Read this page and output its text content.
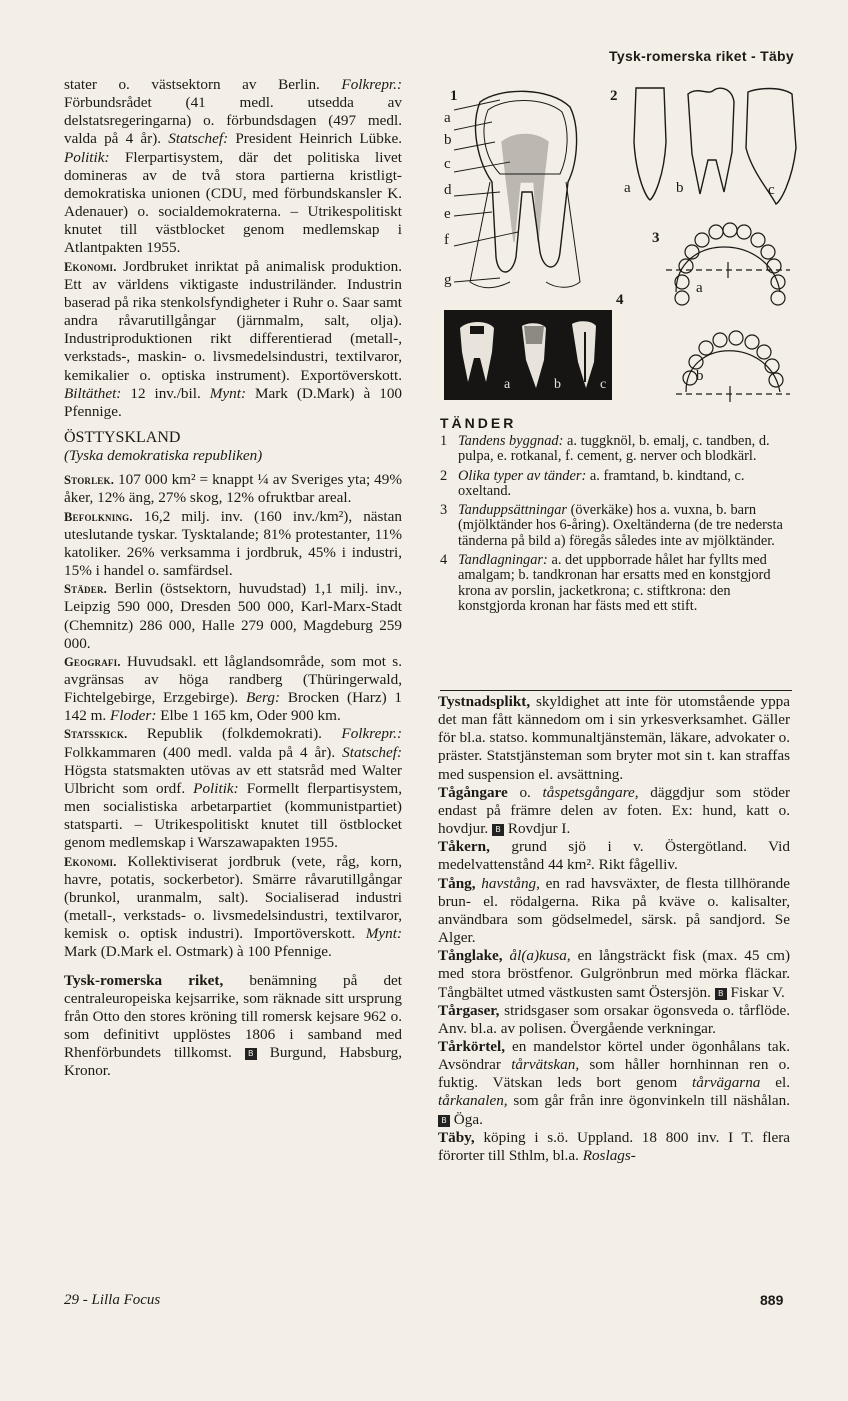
Tysk-romerska riket - Täby

stater o. västsektorn av Berlin. Folkrepr.: Förbundsrådet (41 medl. utsedda av delstatsregeringarna) o. förbundsdagen (497 medl. valda på 4 år). Statschef: President Heinrich Lübke. Politik: Flerpartisystem, där det politiska livet domineras av de två stora partierna kristligt-demokratiska unionen (CDU, med förbundskansler K. Adenauer) o. socialdemokraterna. – Utrikespolitiskt knutet till västblocket genom medlemskap i Atlantpakten 1955.

Ekonomi. Jordbruket inriktat på animalisk produktion. Ett av världens viktigaste industriländer. Industrin baserad på rika stenkolsfyndigheter i Ruhr o. Saar samt andra råvarutillgångar (järnmalm, salt, olja). Industriproduktionen rikt differentierad (metall-, verkstads-, maskin- o. livsmedelsindustri, textilvaror, kemikalier o. optiska instrument). Exportöverskott. Biltäthet: 12 inv./bil. Mynt: Mark (D.Mark) à 100 Pfennige.

ÖSTTYSKLAND

(Tyska demokratiska republiken)

Storlek. 107 000 km² = knappt ¼ av Sveriges yta; 49% åker, 12% äng, 27% skog, 12% ofruktbar areal.

Befolkning. 16,2 milj. inv. (160 inv./km²), nästan uteslutande tyskar. Tysktalande; 81% protestanter, 11% katoliker. 26% verksamma i jordbruk, 45% i industri, 15% i handel o. samfärdsel.

Städer. Berlin (östsektorn, huvudstad) 1,1 milj. inv., Leipzig 590 000, Dresden 500 000, Karl-Marx-Stadt (Chemnitz) 286 000, Halle 279 000, Magdeburg 259 000.

Geografi. Huvudsakl. ett låglandsområde, som mot s. avgränsas av höga randberg (Thüringerwald, Fichtelgebirge, Erzgebirge). Berg: Brocken (Harz) 1 142 m. Floder: Elbe 1 165 km, Oder 900 km.

Statsskick. Republik (folkdemokrati). Folkrepr.: Folkkammaren (400 medl. valda på 4 år). Statschef: Högsta statsmakten utövas av ett statsråd med Walter Ulbricht som ordf. Politik: Formellt flerpartisystem, men socialistiska arbetarpartiet (kommunistpartiet) statsparti. – Utrikespolitiskt knutet till östblocket genom medlemskap i Warszawapakten 1955.

Ekonomi. Kollektiviserat jordbruk (vete, råg, korn, havre, potatis, sockerbetor). Smärre råvarutillgångar (brunkol, uranmalm, salt). Socialiserad industri (metall-, verkstads- o. livsmedelsindustri, textilvaror, kemisk o. optisk industri). Importöverskott. Mynt: Mark (D.Mark el. Ostmark) à 100 Pfennige.

Tysk-romerska riket, benämning på det centraleuropeiska kejsarrike, som räknade sitt ursprung från Otto den stores kröning till romersk kejsare 962 o. som definitivt upplöstes 1806 i samband med Rhenförbundets tillkomst. B Burgund, Habsburg, Kronor.

1
a
b
c
d
e
f
g
2
a	b	c
3
a
b
4
a	b	c
TÄNDER
1 Tandens byggnad: a. tuggknöl, b. emalj, c. tandben, d. pulpa, e. rotkanal, f. cement, g. nerver och blodkärl.
2 Olika typer av tänder: a. framtand, b. kindtand, c. oxeltand.
3 Tanduppsättningar (överkäke) hos a. vuxna, b. barn (mjölktänder hos 6-åring). Oxeltänderna (de tre nedersta tänderna på bild a) föregås således inte av mjölktänder.
4 Tandlagningar: a. det uppborrade hålet har fyllts med amalgam; b. tandkronan har ersatts med en konstgjord krona av porslin, jacketkrona; c. stiftkrona: den konstgjorda kronan har fästs med ett stift.

Tystnadsplikt, skyldighet att inte för utomstående yppa det man fått kännedom om i sin yrkesverksamhet. Gäller för bl.a. statso. kommunaltjänstemän, läkare, advokater o. präster. Statstjänsteman som bryter mot sin t. kan straffas med suspension el. avsättning.

Tågångare o. tåspetsgångare, däggdjur som stöder endast på främre delen av foten. Ex: hund, katt o. hovdjur. B Rovdjur I.

Tåkern, grund sjö i v. Östergötland. Vid medelvattenstånd 44 km². Rikt fågelliv.

Tång, havstång, en rad havsväxter, de flesta tillhörande brun- el. rödalgerna. Rika på kväve o. kalisalter, användbara som gödselmedel, särsk. på sandjord. Se Alger.

Tånglake, ål(a)kusa, en långsträckt fisk (max. 45 cm) med stora bröstfenor. Gulgrönbrun med mörka fläckar. Tångbältet utmed västkusten samt Östersjön. B Fiskar V.

Tårgaser, stridsgaser som orsakar ögonsveda o. tårflöde. Anv. bl.a. av polisen. Övergående verkningar.

Tårkörtel, en mandelstor körtel under ögonhålans tak. Avsöndrar tårvätskan, som håller hornhinnan ren o. fuktig. Vätskan leds bort genom tårvägarna el. tårkanalen, som går från inre ögonvinkeln till näshålan. B Öga.

Täby, köping i s.ö. Uppland. 18 800 inv. I T. flera förorter till Sthlm, bl.a. Roslags-

29 - Lilla Focus	889
